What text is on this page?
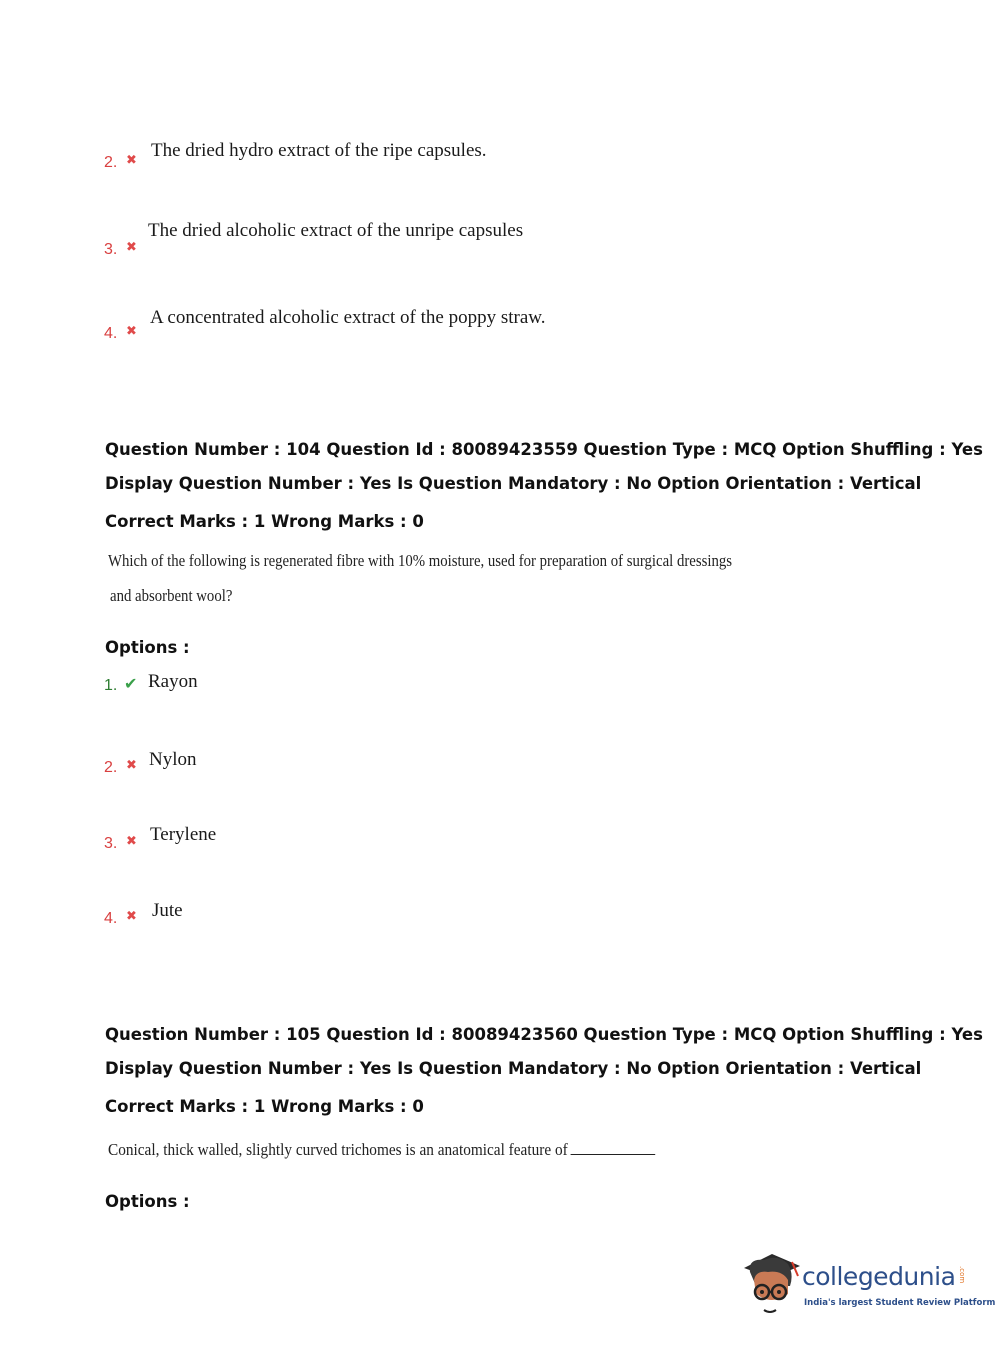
2. ✖ The dried hydro extract of the ripe capsules.
3. ✖
The dried alcoholic extract of the unripe capsules
4. ✖
A concentrated alcoholic extract of the poppy straw.
Question Number : 104 Question Id : 80089423559 Question Type : MCQ Option Shuffling : Yes
Display Question Number : Yes Is Question Mandatory : No Option Orientation : Vertical
Correct Marks : 1 Wrong Marks : 0
Which of the following is regenerated fibre with 10% moisture, used for preparation of surgical dressings
and absorbent wool?
Options :
1. ✔ Rayon
2. ✖ Nylon
3. ✖ Terylene
4. ✖ Jute
Question Number : 105 Question Id : 80089423560 Question Type : MCQ Option Shuffling : Yes
Display Question Number : Yes Is Question Mandatory : No Option Orientation : Vertical
Correct Marks : 1 Wrong Marks : 0
Conical, thick walled, slightly curved trichomes is an anatomical feature of
Options :
collegedunia .com
India's largest Student Review Platform
